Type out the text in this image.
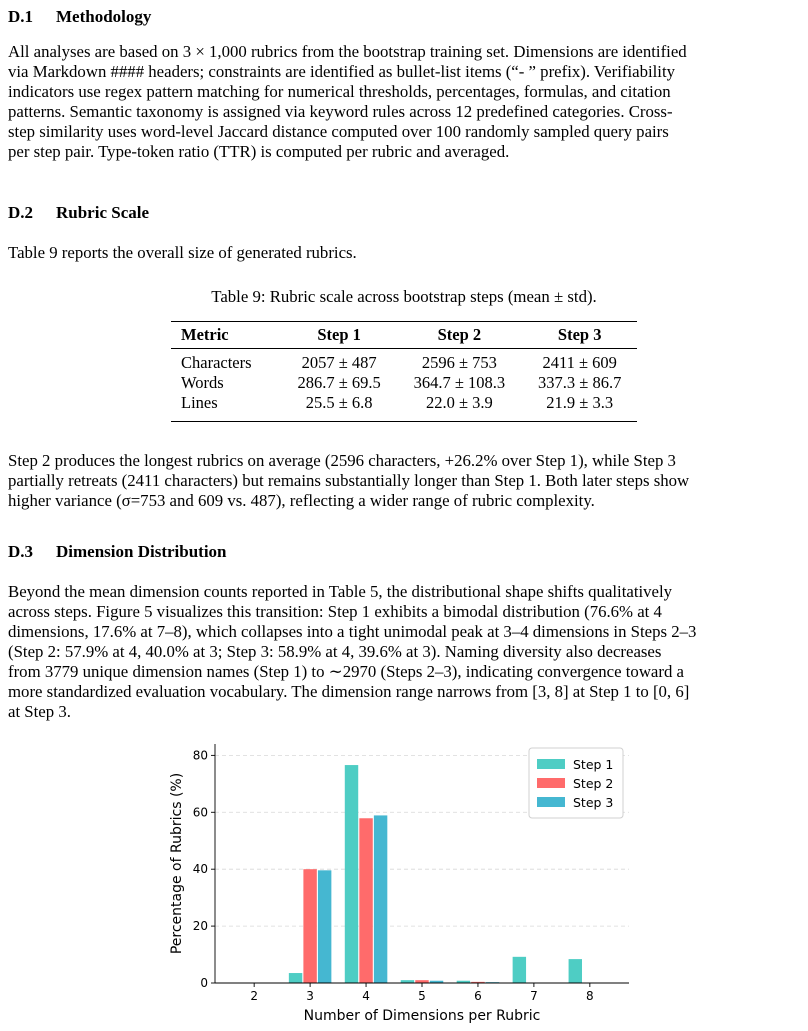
D.1 Methodology
All analyses are based on 3 × 1,000 rubrics from the bootstrap training set. Dimensions are identified
via Markdown #### headers; constraints are identified as bullet-list items (“- ” prefix). Verifiability
indicators use regex pattern matching for numerical thresholds, percentages, formulas, and citation
patterns. Semantic taxonomy is assigned via keyword rules across 12 predefined categories. Cross-
step similarity uses word-level Jaccard distance computed over 100 randomly sampled query pairs
per step pair. Type-token ratio (TTR) is computed per rubric and averaged.
D.2 Rubric Scale
Table 9 reports the overall size of generated rubrics.
Table 9: Rubric scale across bootstrap steps (mean ± std).
Metric	Step 1	Step 2	Step 3
Characters	2057 ± 487	2596 ± 753	2411 ± 609
Words	286.7 ± 69.5	364.7 ± 108.3	337.3 ± 86.7
Lines	25.5 ± 6.8	22.0 ± 3.9	21.9 ± 3.3
Step 2 produces the longest rubrics on average (2596 characters, +26.2% over Step 1), while Step 3
partially retreats (2411 characters) but remains substantially longer than Step 1. Both later steps show
higher variance (σ=753 and 609 vs. 487), reflecting a wider range of rubric complexity.
D.3 Dimension Distribution
Beyond the mean dimension counts reported in Table 5, the distributional shape shifts qualitatively
across steps. Figure 5 visualizes this transition: Step 1 exhibits a bimodal distribution (76.6% at 4
dimensions, 17.6% at 7–8), which collapses into a tight unimodal peak at 3–4 dimensions in Steps 2–3
(Step 2: 57.9% at 4, 40.0% at 3; Step 3: 58.9% at 4, 39.6% at 3). Naming diversity also decreases
from 3779 unique dimension names (Step 1) to ∼2970 (Steps 2–3), indicating convergence toward a
more standardized evaluation vocabulary. The dimension range narrows from [3, 8] at Step 1 to [0, 6]
at Step 3.
0
20
40
60
80
2	3	4	5	6	7	8
Number of Dimensions per Rubric
Percentage of Rubrics (%)
Step 1
Step 2
Step 3
